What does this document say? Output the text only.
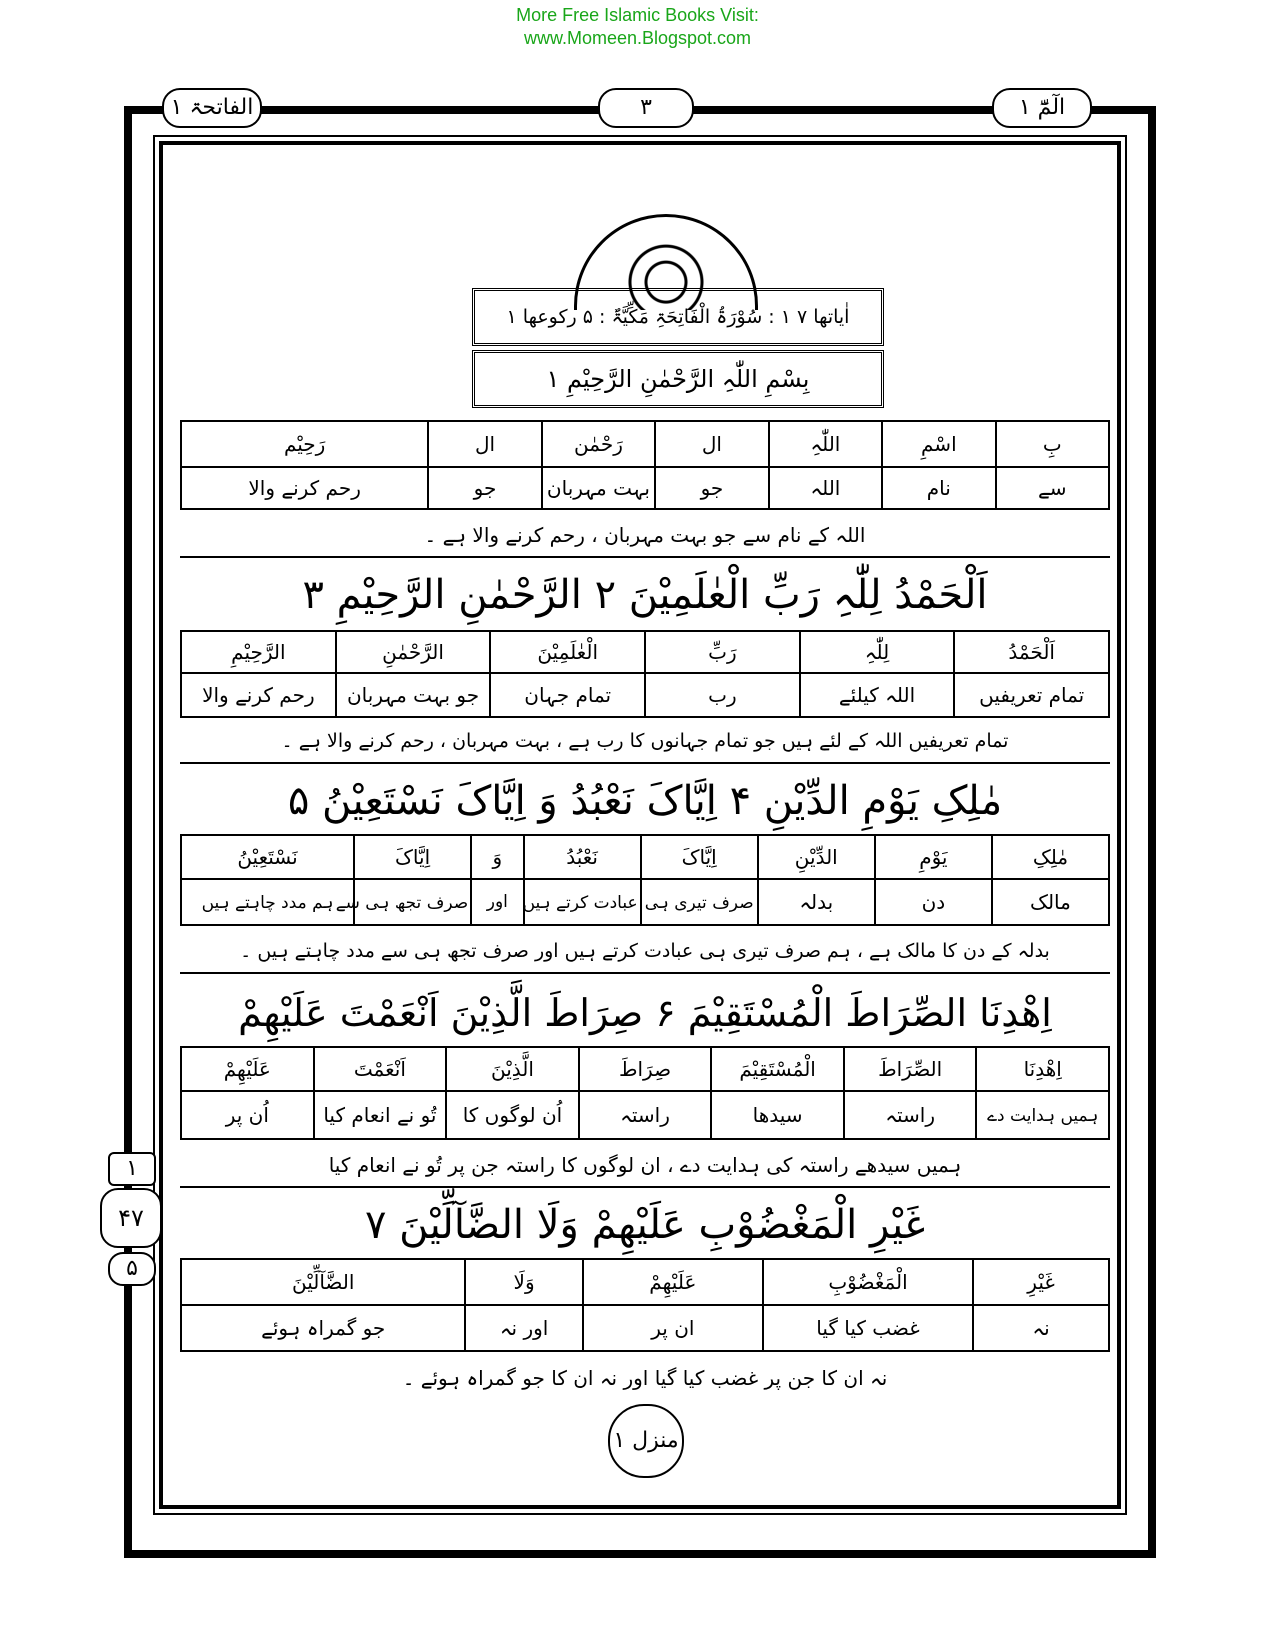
More Free Islamic Books Visit:
www.Momeen.Blogspot.com
الفاتحۃ ۱	۳	الٓمّٓ ۱
اٰیاتھا ۷ ۱ : سُوْرَۃُ الْفَاتِحَۃِ مَکِّیَّۃٌ : ۵ رکوعھا ۱
بِسْمِ اللّٰہِ الرَّحْمٰنِ الرَّحِیْمِ ۱
بِ	اسْمِ	اللّٰہِ	ال	رَحْمٰن	ال	رَحِیْم
سے	نام	اللہ	جو	بہت مہربان	جو	رحم کرنے والا
اللہ کے نام سے جو بہت مہربان ، رحم کرنے والا ہے ۔
اَلْحَمْدُ لِلّٰہِ رَبِّ الْعٰلَمِیْنَ ۲ الرَّحْمٰنِ الرَّحِیْمِ ۳
اَلْحَمْدُ	لِلّٰہِ	رَبِّ	الْعٰلَمِیْنَ	الرَّحْمٰنِ	الرَّحِیْمِ
تمام تعریفیں	اللہ کیلئے	رب	تمام جہان	جو بہت مہربان	رحم کرنے والا
تمام تعریفیں اللہ کے لئے ہیں جو تمام جہانوں کا رب ہے ، بہت مہربان ، رحم کرنے والا ہے ۔
مٰلِکِ یَوْمِ الدِّیْنِ ۴ اِیَّاکَ نَعْبُدُ وَ اِیَّاکَ نَسْتَعِیْنُ ۵
مٰلِکِ	یَوْمِ	الدِّیْنِ	اِیَّاکَ	نَعْبُدُ	وَ	اِیَّاکَ	نَسْتَعِیْنُ
مالک	دن	بدلہ	صرف تیری ہی	عبادت کرتے ہیں	اور	صرف تجھ ہی سے	ہم مدد چاہتے ہیں
بدلہ کے دن کا مالک ہے ، ہم صرف تیری ہی عبادت کرتے ہیں اور صرف تجھ ہی سے مدد چاہتے ہیں ۔
اِھْدِنَا الصِّرَاطَ الْمُسْتَقِیْمَ ۶ صِرَاطَ الَّذِیْنَ اَنْعَمْتَ عَلَیْھِمْ
اِھْدِنَا	الصِّرَاطَ	الْمُسْتَقِیْمَ	صِرَاطَ	الَّذِیْنَ	اَنْعَمْتَ	عَلَیْھِمْ
ہمیں ہدایت دے	راستہ	سیدھا	راستہ	اُن لوگوں کا	تُو نے انعام کیا	اُن پر
ہمیں سیدھے راستہ کی ہدایت دے ، ان لوگوں کا راستہ جن پر تُو نے انعام کیا
غَیْرِ الْمَغْضُوْبِ عَلَیْھِمْ وَلَا الضَّآلِّیْنَ ۷
غَیْرِ	الْمَغْضُوْبِ	عَلَیْھِمْ	وَلَا	الضَّآلِّیْنَ
نہ	غضب کیا گیا	ان پر	اور نہ	جو گمراہ ہوئے
نہ ان کا جن پر غضب کیا گیا اور نہ ان کا جو گمراہ ہوئے ۔
۱
۴۷
۵
منزل ۱
